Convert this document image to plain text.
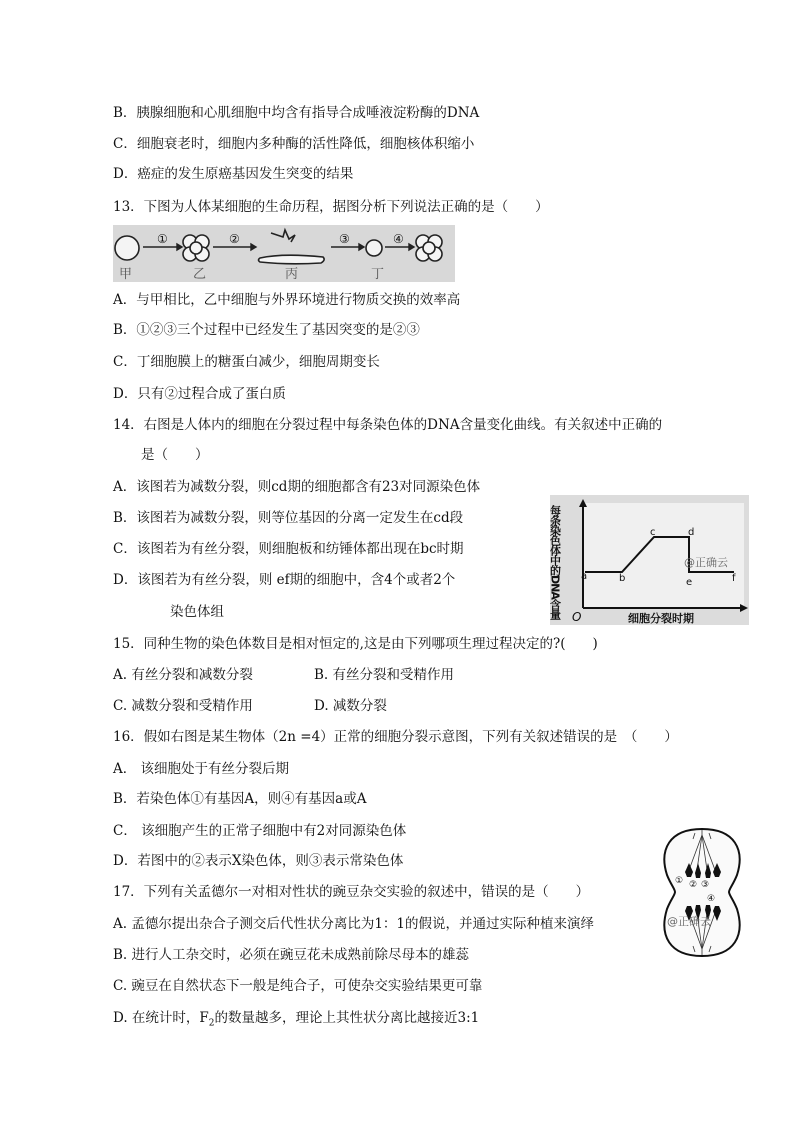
B．胰腺细胞和心肌细胞中均含有指导合成唾液淀粉酶的DNA
C．细胞衰老时，细胞内多种酶的活性降低，细胞核体积缩小
D．癌症的发生原癌基因发生突变的结果
13．下图为人体某细胞的生命历程，据图分析下列说法正确的是（　　）
①	②	③	④
甲	乙	丙	丁
A．与甲相比，乙中细胞与外界环境进行物质交换的效率高
B．①②③三个过程中已经发生了基因突变的是②③
C．丁细胞膜上的糖蛋白减少，细胞周期变长
D．只有②过程合成了蛋白质
14．右图是人体内的细胞在分裂过程中每条染色体的DNA含量变化曲线。有关叙述中正确的
是（　　）
A．该图若为减数分裂，则cd期的细胞都含有23对同源染色体
B．该图若为减数分裂，则等位基因的分离一定发生在cd段
C．该图若为有丝分裂，则细胞板和纺锤体都出现在bc时期
D．该图若为有丝分裂，则 ef期的细胞中，含4个或者2个
染色体组
a	b
c	d
e	f
@正确云
每条染色体中的DNA含量	细胞分裂时期
O
15．同种生物的染色体数目是相对恒定的,这是由下列哪项生理过程决定的?(　　)
A. 有丝分裂和减数分裂	B. 有丝分裂和受精作用
C. 减数分裂和受精作用	D. 减数分裂
16．假如右图是某生物体（2n =4）正常的细胞分裂示意图，下列有关叙述错误的是　（　　）
A． 该细胞处于有丝分裂后期
B．若染色体①有基因A，则④有基因a或A
C． 该细胞产生的正常子细胞中有2对同源染色体
D．若图中的②表示X染色体，则③表示常染色体
① ② ③
④
@正确云
17．下列有关孟德尔一对相对性状的豌豆杂交实验的叙述中，错误的是（　　）
A. 孟德尔提出杂合子测交后代性状分离比为1：1的假说，并通过实际种植来演绎
B. 进行人工杂交时，必须在豌豆花未成熟前除尽母本的雄蕊
C. 豌豆在自然状态下一般是纯合子，可使杂交实验结果更可靠
D. 在统计时，$F_2$的数量越多，理论上其性状分离比越接近3:1
